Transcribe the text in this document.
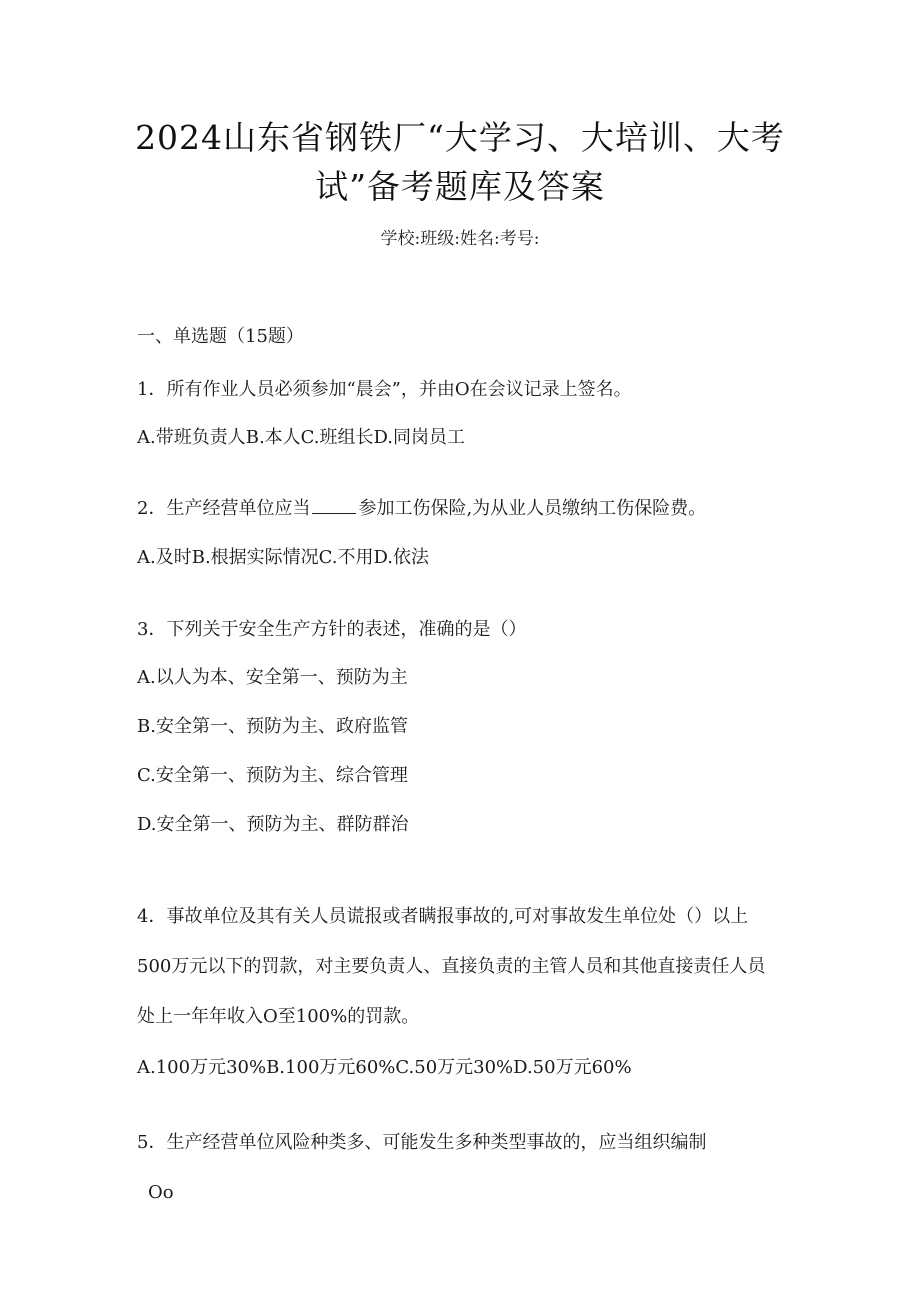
2024山东省钢铁厂“大学习、大培训、大考
试”备考题库及答案
学校:班级:姓名:考号:
一、单选题（15题）
1．所有作业人员必须参加“晨会”，并由O在会议记录上签名。
A.带班负责人B.本人C.班组长D.同岗员工
2．生产经营单位应当	参加工伤保险,为从业人员缴纳工伤保险费。
A.及时B.根据实际情况C.不用D.依法
3．下列关于安全生产方针的表述，准确的是（）
A.以人为本、安全第一、预防为主
B.安全第一、预防为主、政府监管
C.安全第一、预防为主、综合管理
D.安全第一、预防为主、群防群治
4．事故单位及其有关人员谎报或者瞒报事故的,可对事故发生单位处（）以上
500万元以下的罚款，对主要负责人、直接负责的主管人员和其他直接责任人员
处上一年年收入O至100%的罚款。
A.100万元30%B.100万元60%C.50万元30%D.50万元60%
5．生产经营单位风险种类多、可能发生多种类型事故的，应当组织编制
Oo
